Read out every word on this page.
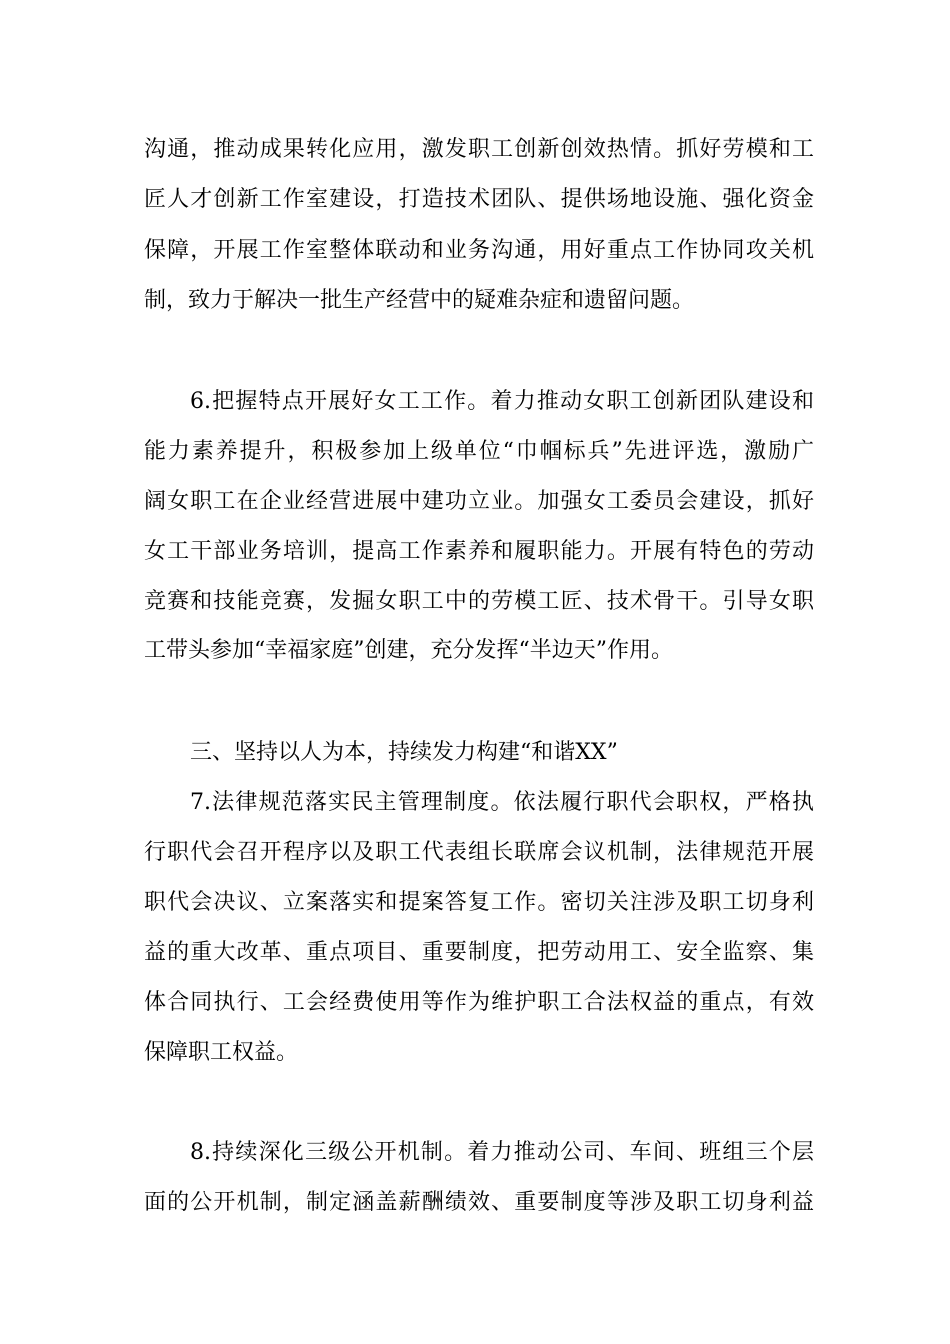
沟通，推动成果转化应用，激发职工创新创效热情。抓好劳模和工
匠人才创新工作室建设，打造技术团队、提供场地设施、强化资金
保障，开展工作室整体联动和业务沟通，用好重点工作协同攻关机
制，致力于解决一批生产经营中的疑难杂症和遗留问题。
6.把握特点开展好女工工作。着力推动女职工创新团队建设和
能力素养提升，积极参加上级单位“巾帼标兵”先进评选，激励广
阔女职工在企业经营进展中建功立业。加强女工委员会建设，抓好
女工干部业务培训，提高工作素养和履职能力。开展有特色的劳动
竞赛和技能竞赛，发掘女职工中的劳模工匠、技术骨干。引导女职
工带头参加“幸福家庭”创建，充分发挥“半边天”作用。
三、坚持以人为本，持续发力构建“和谐XX”
7.法律规范落实民主管理制度。依法履行职代会职权，严格执
行职代会召开程序以及职工代表组长联席会议机制，法律规范开展
职代会决议、立案落实和提案答复工作。密切关注涉及职工切身利
益的重大改革、重点项目、重要制度，把劳动用工、安全监察、集
体合同执行、工会经费使用等作为维护职工合法权益的重点，有效
保障职工权益。
8.持续深化三级公开机制。着力推动公司、车间、班组三个层
面的公开机制，制定涵盖薪酬绩效、重要制度等涉及职工切身利益
